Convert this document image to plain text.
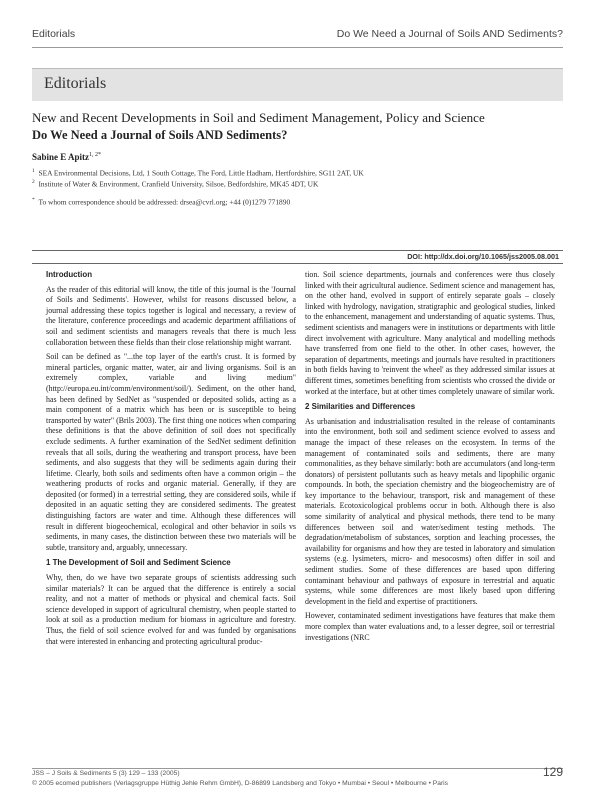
Editorials	Do We Need a Journal of Soils AND Sediments?
Editorials
New and Recent Developments in Soil and Sediment Management, Policy and Science
Do We Need a Journal of Soils AND Sediments?
Sabine E Apitz$^{1, 2*}$
$^1$ SEA Environmental Decisions, Ltd, 1 South Cottage, The Ford, Little Hadham, Hertfordshire, SG11 2AT, UK
$^2$ Institute of Water & Environment, Cranfield University, Silsoe, Bedfordshire, MK45 4DT, UK
* To whom correspondence should be addressed: drsea@cvrl.org; +44 (0)1279 771890
DOI: http://dx.doi.org/10.1065/jss2005.08.001
Introduction

As the reader of this editorial will know, the title of this journal is the 'Journal of Soils and Sediments'. However, whilst for reasons discussed below, a journal addressing these topics together is logical and necessary, a review of the literature, conference proceedings and academic department affiliations of soil and sediment scientists and managers reveals that there is much less collaboration between these fields than their close relationship might warrant.

Soil can be defined as "...the top layer of the earth's crust. It is formed by mineral particles, organic matter, water, air and living organisms. Soil is an extremely complex, variable and living medium" (http://europa.eu.int/comm/environment/soil/). Sediment, on the other hand, has been defined by SedNet as "suspended or deposited solids, acting as a main component of a matrix which has been or is susceptible to being transported by water" (Brils 2003). The first thing one notices when comparing these definitions is that the above definition of soil does not specifically exclude sediments. A further examination of the SedNet sediment definition reveals that all soils, during the weathering and transport process, have been sediments, and also suggests that they will be sediments again during their lifetime. Clearly, both soils and sediments often have a common origin – the weathering products of rocks and organic material. Generally, if they are deposited (or formed) in a terrestrial setting, they are considered soils, while if deposited in an aquatic setting they are considered sediments. The greatest distinguishing factors are water and time. Although these differences will result in different biogeochemical, ecological and other behavior in soils vs sediments, in many cases, the distinction between these two materials will be subtle, transitory and, arguably, unnecessary.

1 The Development of Soil and Sediment Science

Why, then, do we have two separate groups of scientists addressing such similar materials? It can be argued that the difference is entirely a social reality, and not a matter of methods or physical and chemical facts. Soil science developed in support of agricultural chemistry, when people started to look at soil as a production medium for biomass in agriculture and forestry. Thus, the field of soil science evolved for and was funded by organisations that were interested in enhancing and protecting agricultural produc-

tion. Soil science departments, journals and conferences were thus closely linked with their agricultural audience. Sediment science and management has, on the other hand, evolved in support of entirely separate goals – closely linked with hydrology, navigation, stratigraphic and geological studies, linked to the enhancement, management and understanding of aquatic systems. Thus, sediment scientists and managers were in institutions or departments with little direct involvement with agriculture. Many analytical and modelling methods have transferred from one field to the other. In other cases, however, the separation of departments, meetings and journals have resulted in practitioners in both fields having to 'reinvent the wheel' as they addressed similar issues at different times, sometimes benefiting from scientists who crossed the divide or worked at the interface, but at other times completely unaware of similar work.

2 Similarities and Differences

As urbanisation and industrialisation resulted in the release of contaminants into the environment, both soil and sediment science evolved to assess and manage the impact of these releases on the ecosystem. In terms of the management of contaminated soils and sediments, there are many commonalities, as they behave similarly: both are accumulators (and long-term donators) of persistent pollutants such as heavy metals and lipophilic organic compounds. In both, the speciation chemistry and the biogeochemistry are of key importance to the behaviour, transport, risk and management of these materials. Ecotoxicological problems occur in both. Although there is also some similarity of analytical and physical methods, there tend to be many differences between soil and water/sediment testing methods. The degradation/metabolism of substances, sorption and leaching processes, the availability for organisms and how they are tested in laboratory and simulation systems (e.g. lysimeters, micro- and mesocosms) often differ in soil and sediment studies. Some of these differences are based upon differing contaminant behaviour and pathways of exposure in terrestrial and aquatic systems, while some differences are most likely based upon differing development in the field and expertise of practitioners.

However, contaminated sediment investigations have features that make them more complex than water evaluations and, to a lesser degree, soil or terrestrial investigations (NRC

JSS – J Soils & Sediments 5 (3) 129 – 133 (2005)
© 2005 ecomed publishers (Verlagsgruppe Hüthig Jehle Rehm GmbH), D-86899 Landsberg and Tokyo • Mumbai • Seoul • Melbourne • Paris
129
